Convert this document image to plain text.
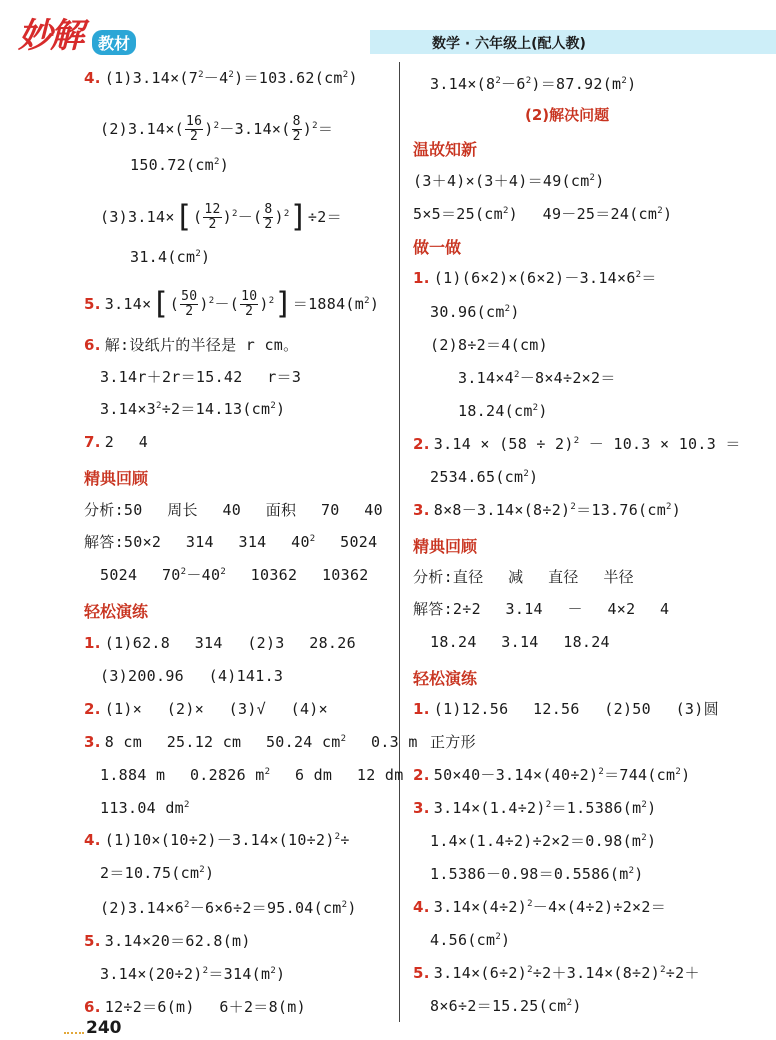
妙解	教材	数学 · 六年级上(配人教)
4. $(1)3.14\times(7^2-4^2)=103.62(cm^2)$
$(2)3.14\times( \frac{16}{2} )^2-3.14\times( \frac{8}{2} )^2=$
$150.72(cm^2)$
$(3)3.14\times[( \frac{12}{2} )^2-( \frac{8}{2} )^2]\div 2=$
$31.4(cm^2)$
5. $3.14\times[( \frac{50}{2} )^2-( \frac{10}{2} )^2]=1884(m^2)$
6. 解:设纸片的半径是 r cm。
3.14r＋2r＝15.42　 r＝3
$3.14\times 3^2\div 2=14.13(cm^2)$
7. 2　 4
精典回顾
分析:50　 周长　 40　 面积　 70　 40
解答:50×2　 314　 314　 $40^2$　 5024
5024　 $70^2-40^2$　 10362　 10362
轻松演练
1. (1)62.8　 314　 (2)3　 28.26
(3)200.96　 (4)141.3
2. (1)×　 (2)×　 (3)√　 (4)×
3. 8 cm　 25.12 cm　 50.24 $cm^2$　 0.3 m
1.884 m　 0.2826 $m^2$　 6 dm　 12 dm
113.04 $dm^2$
4. $(1)10\times(10\div 2)-3.14\times(10\div 2)^2\div$
$2=10.75(cm^2)$
$(2)3.14\times 6^2-6\times 6\div 2=95.04(cm^2)$
5. 3.14×20＝62.8(m)
$3.14\times(20\div 2)^2=314(m^2)$
6. 12÷2＝6(m)　 6＋2＝8(m)
$3.14\times(8^2-6^2)=87.92(m^2)$
(2)解决问题
温故知新
$(3+4)\times(3+4)=49(cm^2)$
$5\times 5=25(cm^2)$　 $49-25=24(cm^2)$
做一做
1. $(1)(6\times 2)\times(6\times 2)-3.14\times 6^2=$
$30.96(cm^2)$
(2)8÷2＝4(cm)
$3.14\times 4^2-8\times 4\div 2\times 2=$
$18.24(cm^2)$
2. $3.14 \times (58 \div 2)^2 - 10.3 \times 10.3$ ＝
$2534.65(cm^2)$
3. $8\times 8-3.14\times(8\div 2)^2=13.76(cm^2)$
精典回顾
分析:直径　 减　 直径　 半径
解答:2÷2　 3.14　 －　 4×2　 4
18.24　 3.14　 18.24
轻松演练
1. (1)12.56　 12.56　 (2)50　 (3)圆
正方形
2. $50\times 40-3.14\times(40\div 2)^2=744(cm^2)$
3. $3.14\times(1.4\div 2)^2=1.5386(m^2)$
$1.4\times(1.4\div 2)\div 2\times 2=0.98(m^2)$
$1.5386-0.98=0.5586(m^2)$
4. $3.14\times(4\div 2)^2-4\times(4\div 2)\div 2\times 2=$
$4.56(cm^2)$
5. $3.14\times(6\div 2)^2\div 2+3.14\times(8\div 2)^2\div 2+$
$8\times 6\div 2=15.25(cm^2)$
240
